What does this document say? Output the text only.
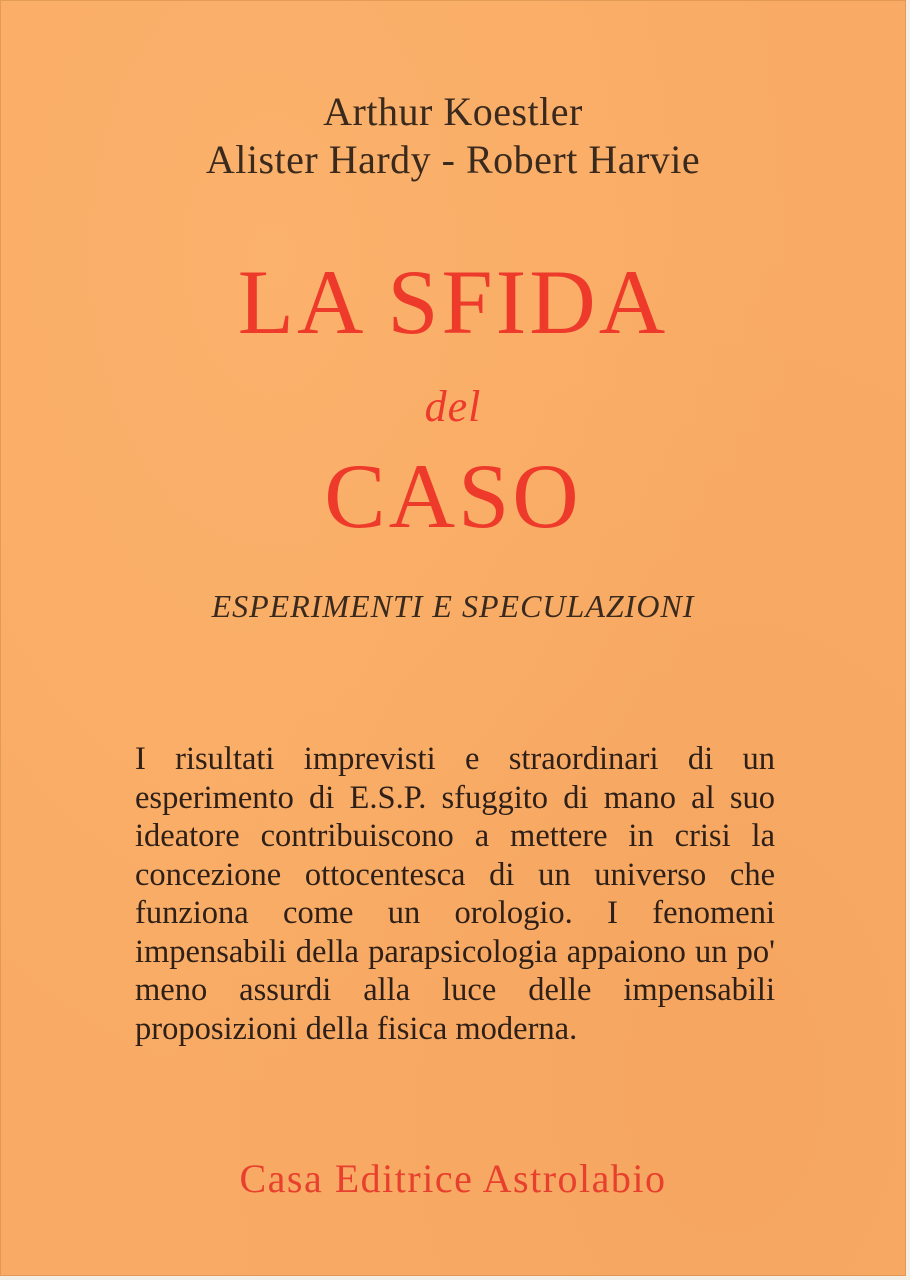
Arthur Koestler
Alister Hardy - Robert Harvie
LA SFIDA
del
CASO
ESPERIMENTI E SPECULAZIONI
I risultati imprevisti e straordinari di un esperimento di E.S.P. sfuggito di mano al suo ideatore contribuiscono a mettere in crisi la concezione ottocentesca di un universo che funziona come un orologio. I fenomeni impensabili della parapsicologia appaiono un po' meno assurdi alla luce delle impensabili proposizioni della fisica moderna.
Casa Editrice Astrolabio
